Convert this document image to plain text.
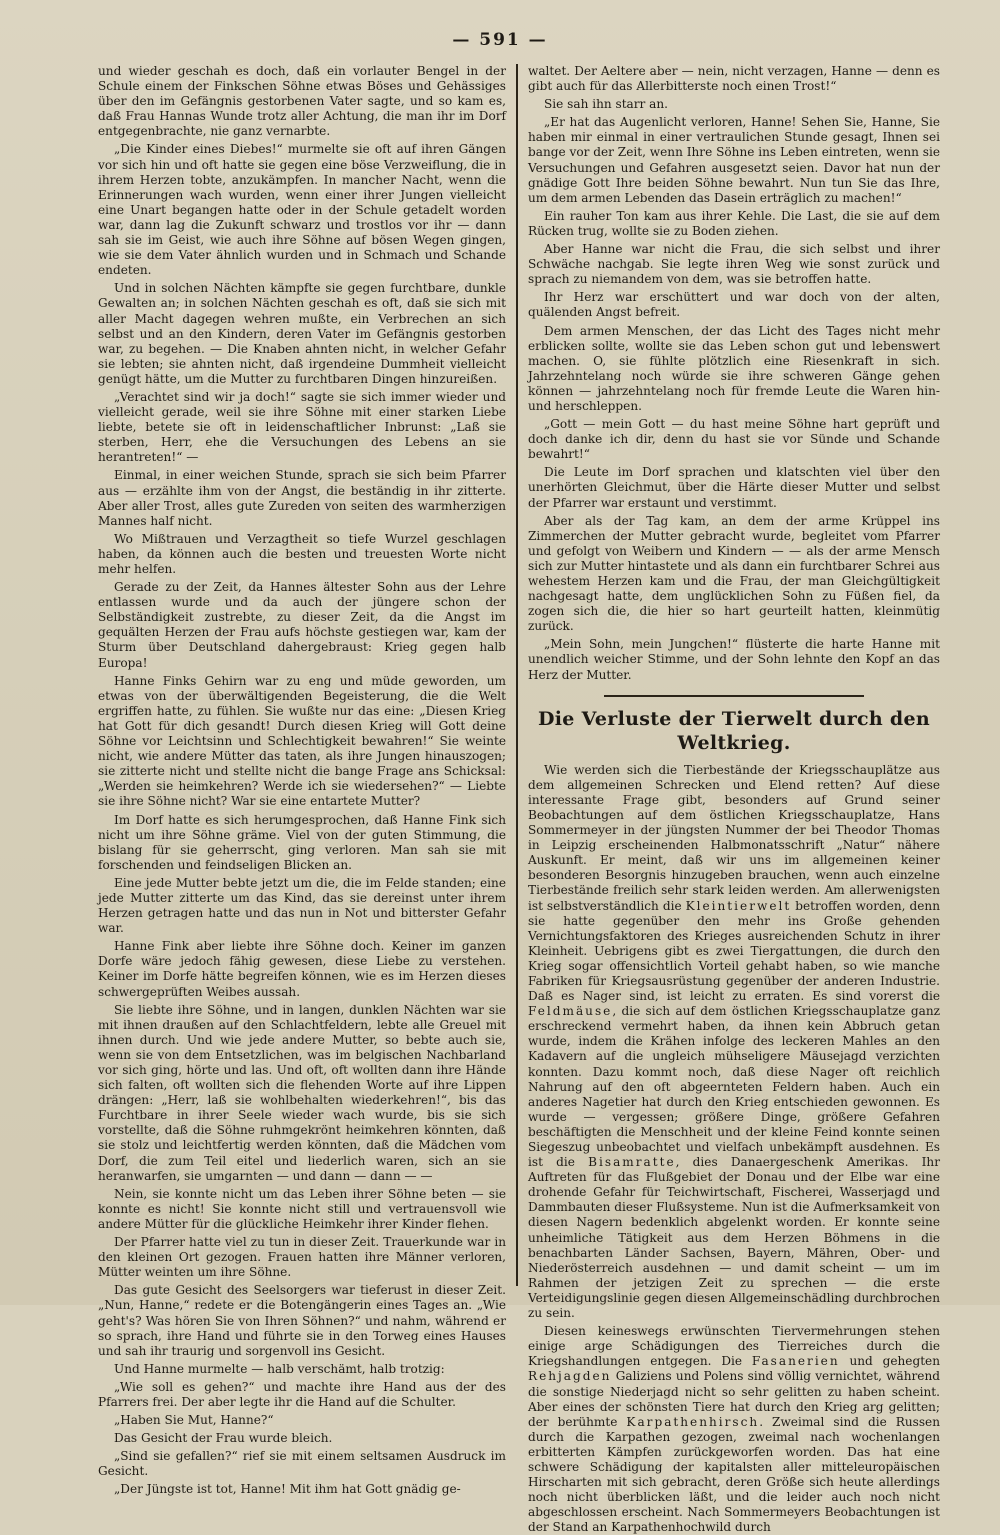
— 591 —

und wieder geschah es doch, daß ein vorlauter Bengel in der Schule einem der Finkschen Söhne etwas Böses und Gehässiges über den im Gefängnis gestorbenen Vater sagte, und so kam es, daß Frau Hannas Wunde trotz aller Achtung, die man ihr im Dorf entgegenbrachte, nie ganz vernarbte.

„Die Kinder eines Diebes!“ murmelte sie oft auf ihren Gängen vor sich hin und oft hatte sie gegen eine böse Verzweiflung, die in ihrem Herzen tobte, anzukämpfen. In mancher Nacht, wenn die Erinnerungen wach wurden, wenn einer ihrer Jungen vielleicht eine Unart begangen hatte oder in der Schule getadelt worden war, dann lag die Zukunft schwarz und trostlos vor ihr — dann sah sie im Geist, wie auch ihre Söhne auf bösen Wegen gingen, wie sie dem Vater ähnlich wurden und in Schmach und Schande endeten.

Und in solchen Nächten kämpfte sie gegen furchtbare, dunkle Gewalten an; in solchen Nächten geschah es oft, daß sie sich mit aller Macht dagegen wehren mußte, ein Verbrechen an sich selbst und an den Kindern, deren Vater im Gefängnis gestorben war, zu begehen. — Die Knaben ahnten nicht, in welcher Gefahr sie lebten; sie ahnten nicht, daß irgendeine Dummheit vielleicht genügt hätte, um die Mutter zu furchtbaren Dingen hinzureißen.

„Verachtet sind wir ja doch!“ sagte sie sich immer wieder und vielleicht gerade, weil sie ihre Söhne mit einer starken Liebe liebte, betete sie oft in leidenschaftlicher Inbrunst: „Laß sie sterben, Herr, ehe die Versuchungen des Lebens an sie herantreten!“ —

Einmal, in einer weichen Stunde, sprach sie sich beim Pfarrer aus — erzählte ihm von der Angst, die beständig in ihr zitterte. Aber aller Trost, alles gute Zureden von seiten des warmherzigen Mannes half nicht.

Wo Mißtrauen und Verzagtheit so tiefe Wurzel geschlagen haben, da können auch die besten und treuesten Worte nicht mehr helfen.

Gerade zu der Zeit, da Hannes ältester Sohn aus der Lehre entlassen wurde und da auch der jüngere schon der Selbständigkeit zustrebte, zu dieser Zeit, da die Angst im gequälten Herzen der Frau aufs höchste gestiegen war, kam der Sturm über Deutschland dahergebraust: Krieg gegen halb Europa!

Hanne Finks Gehirn war zu eng und müde geworden, um etwas von der überwältigenden Begeisterung, die die Welt ergriffen hatte, zu fühlen. Sie wußte nur das eine: „Diesen Krieg hat Gott für dich gesandt! Durch diesen Krieg will Gott deine Söhne vor Leichtsinn und Schlechtigkeit bewahren!“ Sie weinte nicht, wie andere Mütter das taten, als ihre Jungen hinauszogen; sie zitterte nicht und stellte nicht die bange Frage ans Schicksal: „Werden sie heimkehren? Werde ich sie wiedersehen?“ — Liebte sie ihre Söhne nicht? War sie eine entartete Mutter?

Im Dorf hatte es sich herumgesprochen, daß Hanne Fink sich nicht um ihre Söhne gräme. Viel von der guten Stimmung, die bislang für sie geherrscht, ging verloren. Man sah sie mit forschenden und feindseligen Blicken an.

Eine jede Mutter bebte jetzt um die, die im Felde standen; eine jede Mutter zitterte um das Kind, das sie dereinst unter ihrem Herzen getragen hatte und das nun in Not und bitterster Gefahr war.

Hanne Fink aber liebte ihre Söhne doch. Keiner im ganzen Dorfe wäre jedoch fähig gewesen, diese Liebe zu verstehen. Keiner im Dorfe hätte begreifen können, wie es im Herzen dieses schwergeprüften Weibes aussah.

Sie liebte ihre Söhne, und in langen, dunklen Nächten war sie mit ihnen draußen auf den Schlachtfeldern, lebte alle Greuel mit ihnen durch. Und wie jede andere Mutter, so bebte auch sie, wenn sie von dem Entsetzlichen, was im belgischen Nachbarland vor sich ging, hörte und las. Und oft, oft wollten dann ihre Hände sich falten, oft wollten sich die flehenden Worte auf ihre Lippen drängen: „Herr, laß sie wohlbehalten wiederkehren!“, bis das Furchtbare in ihrer Seele wieder wach wurde, bis sie sich vorstellte, daß die Söhne ruhmgekrönt heimkehren könnten, daß sie stolz und leichtfertig werden könnten, daß die Mädchen vom Dorf, die zum Teil eitel und liederlich waren, sich an sie heranwarfen, sie umgarnten — und dann — dann — —

Nein, sie konnte nicht um das Leben ihrer Söhne beten — sie konnte es nicht! Sie konnte nicht still und vertrauensvoll wie andere Mütter für die glückliche Heimkehr ihrer Kinder flehen.

Der Pfarrer hatte viel zu tun in dieser Zeit. Trauerkunde war in den kleinen Ort gezogen. Frauen hatten ihre Männer verloren, Mütter weinten um ihre Söhne.

Das gute Gesicht des Seelsorgers war tieferust in dieser Zeit. „Nun, Hanne,“ redete er die Botengängerin eines Tages an. „Wie geht's? Was hören Sie von Ihren Söhnen?“ und nahm, während er so sprach, ihre Hand und führte sie in den Torweg eines Hauses und sah ihr traurig und sorgenvoll ins Gesicht.

Und Hanne murmelte — halb verschämt, halb trotzig:

„Wie soll es gehen?“ und machte ihre Hand aus der des Pfarrers frei. Der aber legte ihr die Hand auf die Schulter.

„Haben Sie Mut, Hanne?“

Das Gesicht der Frau wurde bleich.

„Sind sie gefallen?“ rief sie mit einem seltsamen Ausdruck im Gesicht.

„Der Jüngste ist tot, Hanne! Mit ihm hat Gott gnädig ge-

waltet. Der Aeltere aber — nein, nicht verzagen, Hanne — denn es gibt auch für das Allerbitterste noch einen Trost!“

Sie sah ihn starr an.

„Er hat das Augenlicht verloren, Hanne! Sehen Sie, Hanne, Sie haben mir einmal in einer vertraulichen Stunde gesagt, Ihnen sei bange vor der Zeit, wenn Ihre Söhne ins Leben eintreten, wenn sie Versuchungen und Gefahren ausgesetzt seien. Davor hat nun der gnädige Gott Ihre beiden Söhne bewahrt. Nun tun Sie das Ihre, um dem armen Lebenden das Dasein erträglich zu machen!“

Ein rauher Ton kam aus ihrer Kehle. Die Last, die sie auf dem Rücken trug, wollte sie zu Boden ziehen.

Aber Hanne war nicht die Frau, die sich selbst und ihrer Schwäche nachgab. Sie legte ihren Weg wie sonst zurück und sprach zu niemandem von dem, was sie betroffen hatte.

Ihr Herz war erschüttert und war doch von der alten, quälenden Angst befreit.

Dem armen Menschen, der das Licht des Tages nicht mehr erblicken sollte, wollte sie das Leben schon gut und lebenswert machen. O, sie fühlte plötzlich eine Riesenkraft in sich. Jahrzehntelang noch würde sie ihre schweren Gänge gehen können — jahrzehntelang noch für fremde Leute die Waren hin- und herschleppen.

„Gott — mein Gott — du hast meine Söhne hart geprüft und doch danke ich dir, denn du hast sie vor Sünde und Schande bewahrt!“

Die Leute im Dorf sprachen und klatschten viel über den unerhörten Gleichmut, über die Härte dieser Mutter und selbst der Pfarrer war erstaunt und verstimmt.

Aber als der Tag kam, an dem der arme Krüppel ins Zimmerchen der Mutter gebracht wurde, begleitet vom Pfarrer und gefolgt von Weibern und Kindern — — als der arme Mensch sich zur Mutter hintastete und als dann ein furchtbarer Schrei aus wehestem Herzen kam und die Frau, der man Gleichgültigkeit nachgesagt hatte, dem unglücklichen Sohn zu Füßen fiel, da zogen sich die, die hier so hart geurteilt hatten, kleinmütig zurück.

„Mein Sohn, mein Jungchen!“ flüsterte die harte Hanne mit unendlich weicher Stimme, und der Sohn lehnte den Kopf an das Herz der Mutter.

Die Verluste der Tierwelt durch den Weltkrieg.

Wie werden sich die Tierbestände der Kriegsschauplätze aus dem allgemeinen Schrecken und Elend retten? Auf diese interessante Frage gibt, besonders auf Grund seiner Beobachtungen auf dem östlichen Kriegsschauplatze, Hans Sommermeyer in der jüngsten Nummer der bei Theodor Thomas in Leipzig erscheinenden Halbmonatsschrift „Natur“ nähere Auskunft. Er meint, daß wir uns im allgemeinen keiner besonderen Besorgnis hinzugeben brauchen, wenn auch einzelne Tierbestände freilich sehr stark leiden werden. Am allerwenigsten ist selbstverständlich die Kleintierwelt betroffen worden, denn sie hatte gegenüber den mehr ins Große gehenden Vernichtungsfaktoren des Krieges ausreichenden Schutz in ihrer Kleinheit. Uebrigens gibt es zwei Tiergattungen, die durch den Krieg sogar offensichtlich Vorteil gehabt haben, so wie manche Fabriken für Kriegsausrüstung gegenüber der anderen Industrie. Daß es Nager sind, ist leicht zu erraten. Es sind vorerst die Feldmäuse, die sich auf dem östlichen Kriegsschauplatze ganz erschreckend vermehrt haben, da ihnen kein Abbruch getan wurde, indem die Krähen infolge des leckeren Mahles an den Kadavern auf die ungleich mühseligere Mäusejagd verzichten konnten. Dazu kommt noch, daß diese Nager oft reichlich Nahrung auf den oft abgeernteten Feldern haben. Auch ein anderes Nagetier hat durch den Krieg entschieden gewonnen. Es wurde — vergessen; größere Dinge, größere Gefahren beschäftigten die Menschheit und der kleine Feind konnte seinen Siegeszug unbeobachtet und vielfach unbekämpft ausdehnen. Es ist die Bisamratte, dies Danaergeschenk Amerikas. Ihr Auftreten für das Flußgebiet der Donau und der Elbe war eine drohende Gefahr für Teichwirtschaft, Fischerei, Wasserjagd und Dammbauten dieser Flußsysteme. Nun ist die Aufmerksamkeit von diesen Nagern bedenklich abgelenkt worden. Er konnte seine unheimliche Tätigkeit aus dem Herzen Böhmens in die benachbarten Länder Sachsen, Bayern, Mähren, Ober- und Niederösterreich ausdehnen — und damit scheint — um im Rahmen der jetzigen Zeit zu sprechen — die erste Verteidigungslinie gegen diesen Allgemeinschädling durchbrochen zu sein.

Diesen keineswegs erwünschten Tiervermehrungen stehen einige arge Schädigungen des Tierreiches durch die Kriegshandlungen entgegen. Die Fasanerien und gehegten Rehjagden Galiziens und Polens sind völlig vernichtet, während die sonstige Niederjagd nicht so sehr gelitten zu haben scheint. Aber eines der schönsten Tiere hat durch den Krieg arg gelitten; der berühmte Karpathenhirsch. Zweimal sind die Russen durch die Karpathen gezogen, zweimal nach wochenlangen erbitterten Kämpfen zurückgeworfen worden. Das hat eine schwere Schädigung der kapitalsten aller mitteleuropäischen Hirscharten mit sich gebracht, deren Größe sich heute allerdings noch nicht überblicken läßt, und die leider auch noch nicht abgeschlossen erscheint. Nach Sommermeyers Beobachtungen ist der Stand an Karpathenhochwild durch
